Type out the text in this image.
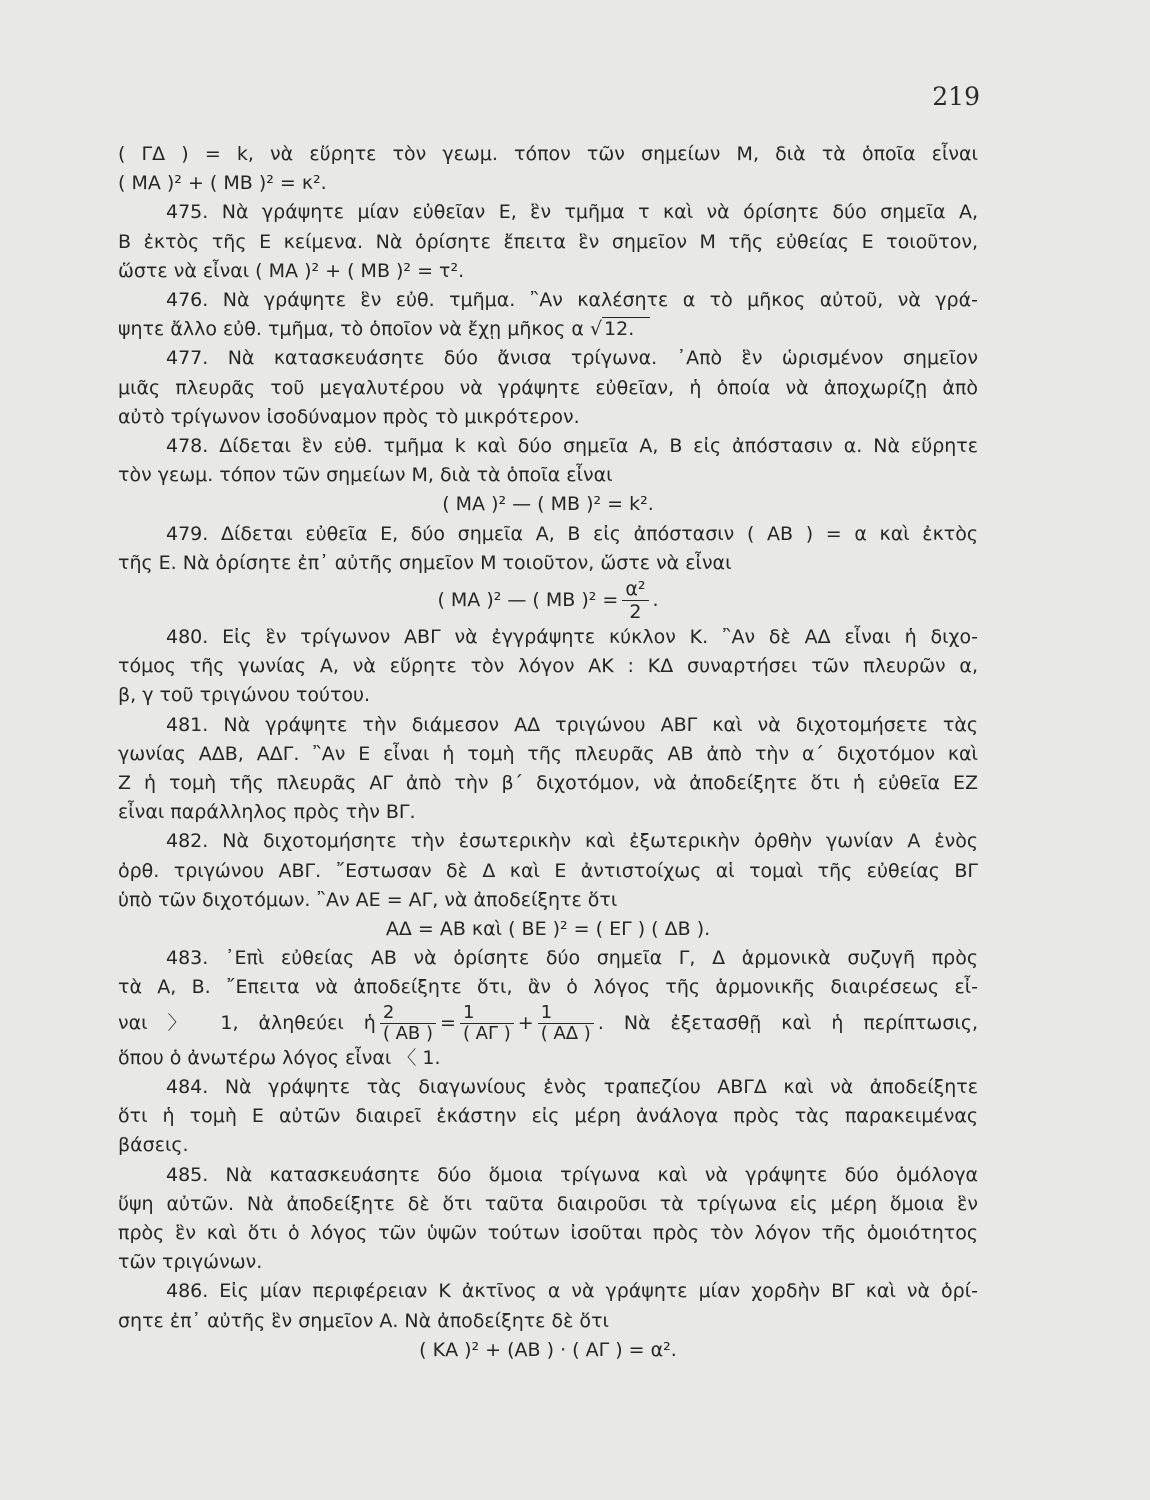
219
( ΓΔ ) = k, νὰ εὕρητε τὸν γεωμ. τόπον τῶν σημείων Μ, διὰ τὰ ὁποῖα εἶναι
( ΜΑ )² + ( ΜΒ )² = κ².
475. Νὰ γράψητε μίαν εὐθεῖαν Ε, ἓν τμῆμα τ καὶ νὰ όρίσητε δύο σημεῖα Α,
Β ἐκτὸς τῆς Ε κείμενα. Νὰ ὁρίσητε ἔπειτα ἓν σημεῖον Μ τῆς εὐθείας Ε τοιοῦτον,
ὥστε νὰ εἶναι ( ΜΑ )² + ( ΜΒ )² = τ².
476. Νὰ γράψητε ἓν εὐθ. τμῆμα. ῍Αν καλέσητε α τὸ μῆκος αὐτοῦ, νὰ γρά-
ψητε ἄλλο εὐθ. τμῆμα, τὸ ὁποῖον νὰ ἔχῃ μῆκος α √ 12.
477. Νὰ κατασκευάσητε δύο ἄνισα τρίγωνα. ᾿Απὸ ἓν ὡρισμένον σημεῖον
μιᾶς πλευρᾶς τοῦ μεγαλυτέρου νὰ γράψητε εὐθεῖαν, ἡ ὁποία νὰ ἀποχωρίζῃ ἀπὸ
αὐτὸ τρίγωνον ἰσοδύναμον πρὸς τὸ μικρότερον.
478. Δίδεται ἓν εὐθ. τμῆμα k καὶ δύο σημεῖα Α, Β εἰς ἀπόστασιν α. Νὰ εὕρητε
τὸν γεωμ. τόπον τῶν σημείων Μ, διὰ τὰ ὁποῖα εἶναι
( ΜΑ )² — ( ΜΒ )² = k².
479. Δίδεται εὐθεῖα Ε, δύο σημεῖα Α, Β εἰς ἀπόστασιν ( ΑΒ ) = α καὶ ἐκτὸς
τῆς Ε. Νὰ ὁρίσητε ἐπ᾿ αὐτῆς σημεῖον Μ τοιοῦτον, ὥστε νὰ εἶναι
( ΜΑ )² — ( ΜΒ )$^2 = \frac{\text{α²}}{2}$ .
480. Εἰς ἓν τρίγωνον ΑΒΓ νὰ ἐγγράψητε κύκλον Κ. ῍Αν δὲ ΑΔ εἶναι ἡ διχο-
τόμος τῆς γωνίας Α, νὰ εὕρητε τὸν λόγον ΑΚ : ΚΔ συναρτήσει τῶν πλευρῶν α,
β, γ τοῦ τριγώνου τούτου.
481. Νὰ γράψητε τὴν διάμεσον ΑΔ τριγώνου ΑΒΓ καὶ νὰ διχοτομήσετε τὰς
γωνίας ΑΔΒ, ΑΔΓ. ῍Αν Ε εἶναι ἡ τομὴ τῆς πλευρᾶς ΑΒ ἀπὸ τὴν α΄ διχοτόμον καὶ
Ζ ἡ τομὴ τῆς πλευρᾶς ΑΓ ἀπὸ τὴν β΄ διχοτόμον, νὰ ἀποδείξητε ὅτι ἡ εὐθεῖα ΕΖ
εἶναι παράλληλος πρὸς τὴν ΒΓ.
482. Νὰ διχοτομήσητε τὴν ἐσωτερικὴν καὶ ἐξωτερικὴν ὀρθὴν γωνίαν Α ἑνὸς
ὀρθ. τριγώνου ΑΒΓ. ῎Εστωσαν δὲ Δ καὶ Ε ἀντιστοίχως αἱ τομαὶ τῆς εὐθείας ΒΓ
ὑπὸ τῶν διχοτόμων. ῍Αν ΑΕ = ΑΓ, νὰ ἀποδείξητε ὅτι
ΑΔ = ΑΒ καὶ ( ΒΕ )² = ( ΕΓ ) ( ΔΒ ).
483. ᾿Επὶ εὐθείας ΑΒ νὰ ὁρίσητε δύο σημεῖα Γ, Δ ἁρμονικὰ συζυγῆ πρὸς
τὰ Α, Β. ῎Επειτα νὰ ἀποδείξητε ὅτι, ἂν ὁ λόγος τῆς ἁρμονικῆς διαιρέσεως εἶ-
ναι 〉 1, ἀληθεύει ἡ $\frac{2}{( AB )} = \frac{1}{( A\Gamma )} + \frac{1}{( A\Delta )}$ . Νὰ ἐξετασθῇ καὶ ἡ περίπτωσις,
ὅπου ὁ ἀνωτέρω λόγος εἶναι 〈 1.
484. Νὰ γράψητε τὰς διαγωνίους ἑνὸς τραπεζίου ΑΒΓΔ καὶ νὰ ἀποδείξητε
ὅτι ἡ τομὴ Ε αὐτῶν διαιρεῖ ἑκάστην εἰς μέρη ἀνάλογα πρὸς τὰς παρακειμένας
βάσεις.
485. Νὰ κατασκευάσητε δύο ὅμοια τρίγωνα καὶ νὰ γράψητε δύο ὁμόλογα
ὕψη αὐτῶν. Νὰ ἀποδείξητε δὲ ὅτι ταῦτα διαιροῦσι τὰ τρίγωνα εἰς μέρη ὅμοια ἓν
πρὸς ἓν καὶ ὅτι ὁ λόγος τῶν ὑψῶν τούτων ἰσοῦται πρὸς τὸν λόγον τῆς ὁμοιότητος
τῶν τριγώνων.
486. Εἰς μίαν περιφέρειαν Κ ἀκτῖνος α νὰ γράψητε μίαν χορδὴν ΒΓ καὶ νὰ ὁρί-
σητε ἐπ᾿ αὐτῆς ἓν σημεῖον Α. Νὰ ἀποδείξητε δὲ ὅτι
( ΚΑ )² + (ΑΒ ) · ( ΑΓ ) = α².
